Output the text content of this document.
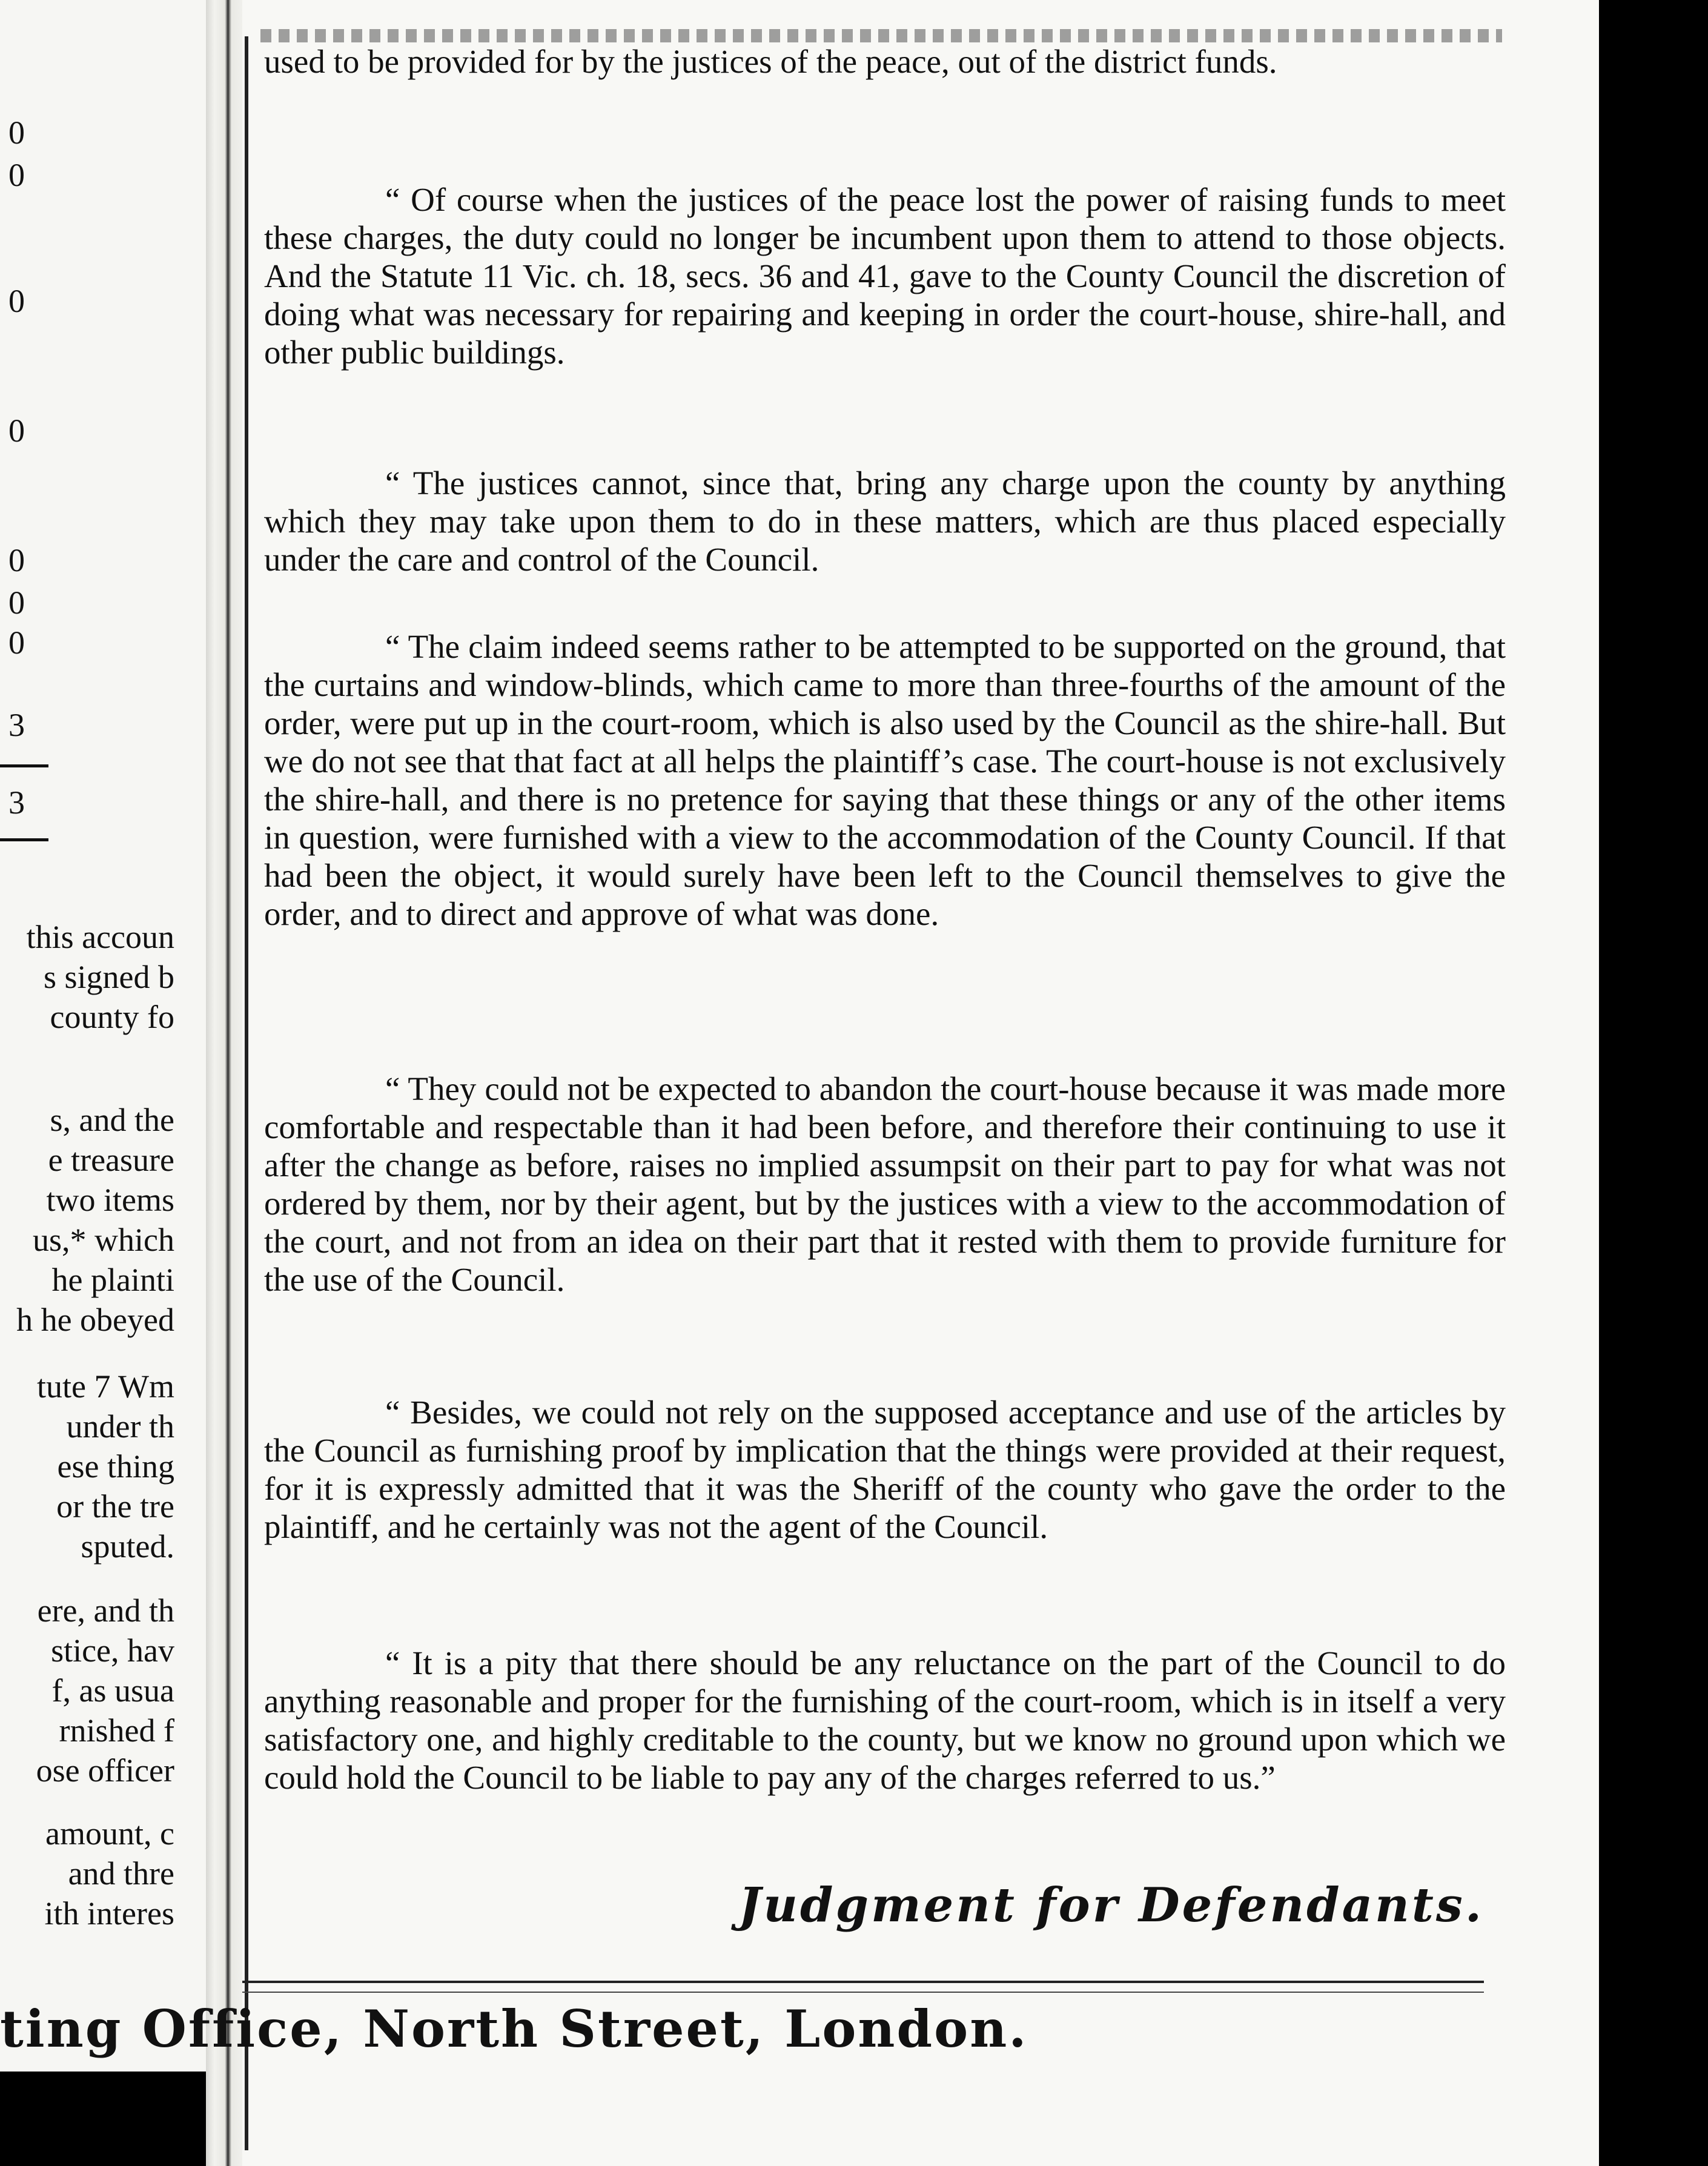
0
0
0
0
0
0
0
3
3
this accoun
s signed b
county fo
s, and the
e treasure
two items
us,* which
he plainti
h he obeyed
tute 7 Wm
under th
ese thing
or the tre
sputed.
ere, and th
stice, hav
f, as usua
rnished f
ose officer
amount, c
and thre
ith interes

used to be provided for by the justices of the peace, out of the district funds.

“ Of course when the justices of the peace lost the power of raising funds to meet these charges, the duty could no longer be incumbent upon them to attend to those objects. And the Statute 11 Vic. ch. 18, secs. 36 and 41, gave to the County Council the discretion of doing what was necessary for repairing and keeping in order the court-house, shire-hall, and other public buildings.

“ The justices cannot, since that, bring any charge upon the county by anything which they may take upon them to do in these matters, which are thus placed especially under the care and control of the Council.

“ The claim indeed seems rather to be attempted to be supported on the ground, that the curtains and window-blinds, which came to more than three-fourths of the amount of the order, were put up in the court-room, which is also used by the Council as the shire-hall. But we do not see that that fact at all helps the plaintiff’s case. The court-house is not exclusively the shire-hall, and there is no pretence for saying that these things or any of the other items in question, were furnished with a view to the accommodation of the County Council. If that had been the object, it would surely have been left to the Council themselves to give the order, and to direct and approve of what was done.

“ They could not be expected to abandon the court-house because it was made more comfortable and respectable than it had been before, and therefore their continuing to use it after the change as before, raises no implied assumpsit on their part to pay for what was not ordered by them, nor by their agent, but by the justices with a view to the accommodation of the court, and not from an idea on their part that it rested with them to provide furniture for the use of the Council.

“ Besides, we could not rely on the supposed acceptance and use of the articles by the Council as furnishing proof by implication that the things were provided at their request, for it is expressly admitted that it was the Sheriff of the county who gave the order to the plaintiff, and he certainly was not the agent of the Council.

“ It is a pity that there should be any reluctance on the part of the Council to do anything reasonable and proper for the furnishing of the court-room, which is in itself a very satisfactory one, and highly creditable to the county, but we know no ground upon which we could hold the Council to be liable to pay any of the charges referred to us.”

Judgment for Defendants.
ting Office, North Street, London.
